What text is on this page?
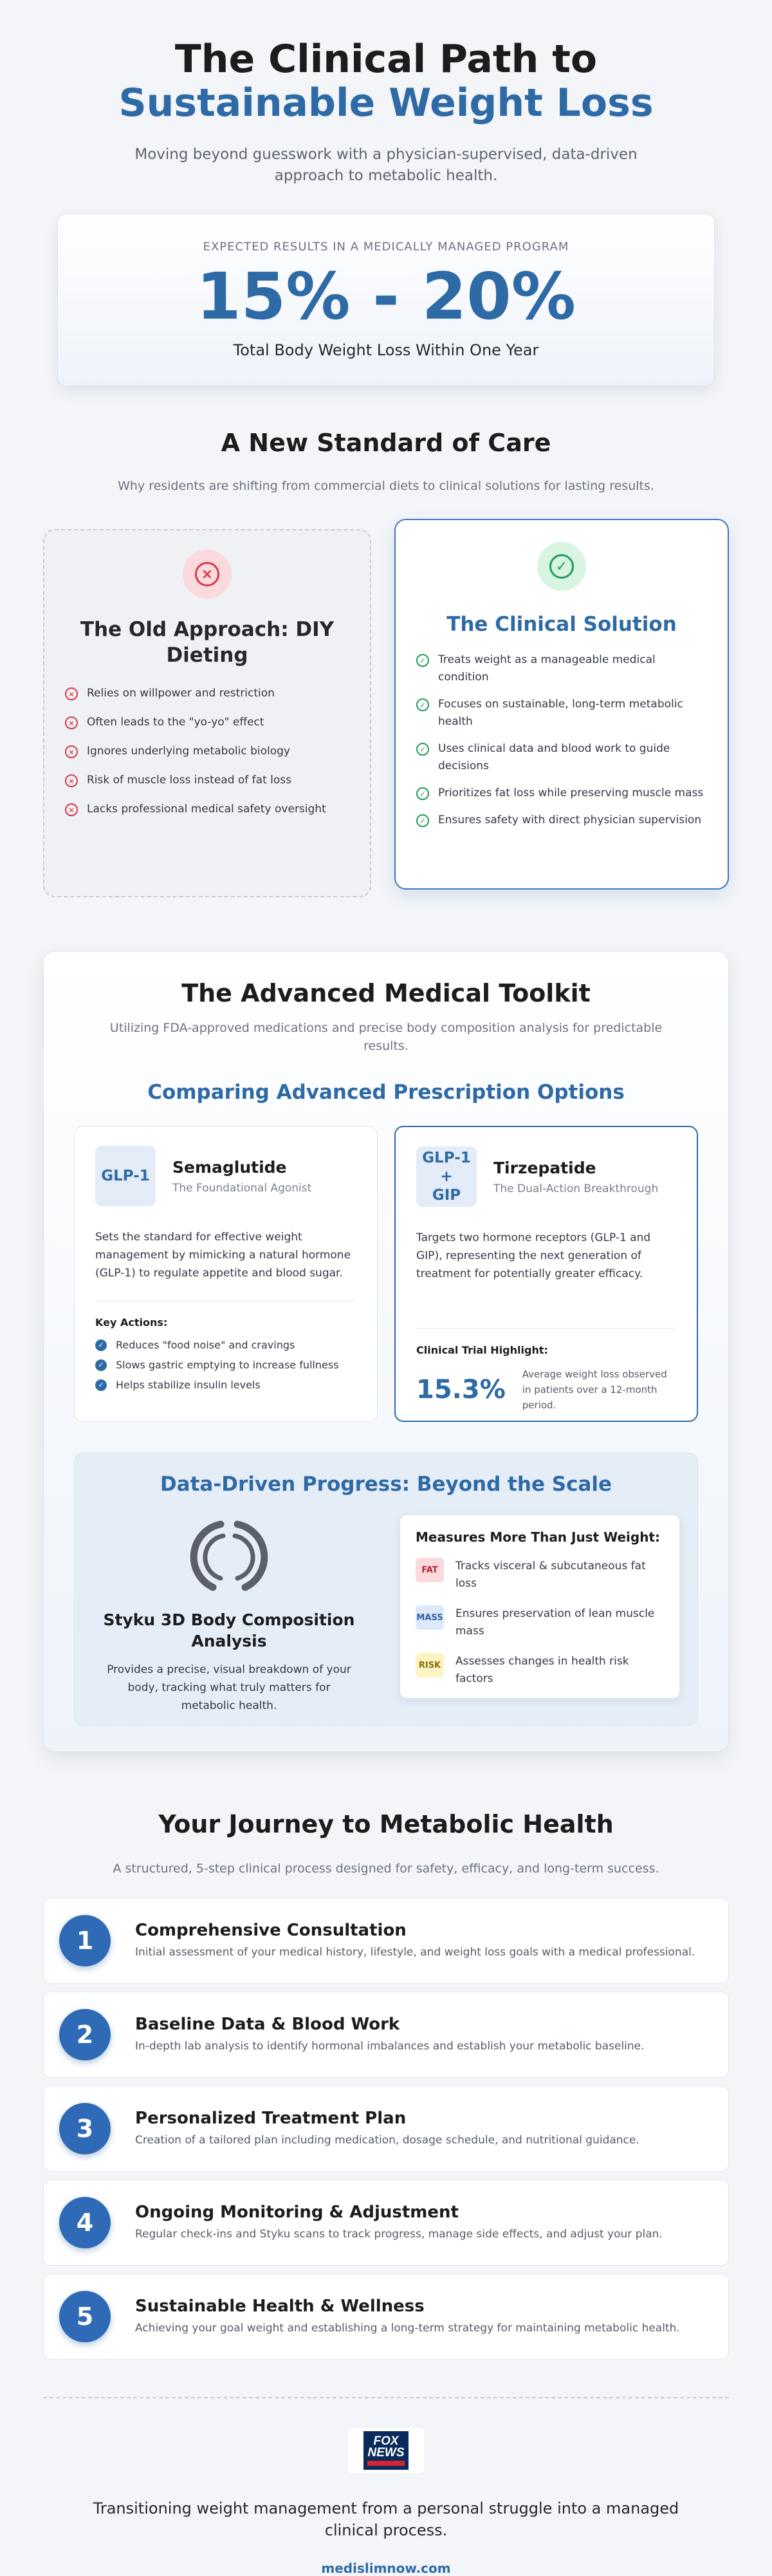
The Clinical Path to
Sustainable Weight Loss

Moving beyond guesswork with a physician-supervised, data-driven approach to metabolic health.

EXPECTED RESULTS IN A MEDICALLY MANAGED PROGRAM
15% - 20%
Total Body Weight Loss Within One Year
A New Standard of Care

Why residents are shifting from commercial diets to clinical solutions for lasting results.

×
The Old Approach: DIY Dieting
×	Relies on willpower and restriction
×	Often leads to the "yo-yo" effect
×	Ignores underlying metabolic biology
×	Risk of muscle loss instead of fat loss
×	Lacks professional medical safety oversight
✓
The Clinical Solution
✓	Treats weight as a manageable medical condition
✓	Focuses on sustainable, long-term metabolic health
✓	Uses clinical data and blood work to guide decisions
✓	Prioritizes fat loss while preserving muscle mass
✓	Ensures safety with direct physician supervision
The Advanced Medical Toolkit

Utilizing FDA-approved medications and precise body composition analysis for predictable results.

Comparing Advanced Prescription Options
GLP-1	Semaglutide
The Foundational Agonist

Sets the standard for effective weight management by mimicking a natural hormone (GLP-1) to regulate appetite and blood sugar.

Key Actions:
✓ Reduces "food noise" and cravings
✓ Slows gastric emptying to increase fullness
✓ Helps stabilize insulin levels
GLP-1
+
GIP
Tirzepatide
The Dual-Action Breakthrough

Targets two hormone receptors (GLP-1 and GIP), representing the next generation of treatment for potentially greater efficacy.

Clinical Trial Highlight:
15.3%
Average weight loss observed in patients over a 12-month period.
Data-Driven Progress: Beyond the Scale
Styku 3D Body Composition Analysis

Provides a precise, visual breakdown of your body, tracking what truly matters for metabolic health.

Measures More Than Just Weight:
FAT	Tracks visceral & subcutaneous fat loss
MASS Ensures preservation of lean muscle mass
RISK Assesses changes in health risk factors
Your Journey to Metabolic Health

A structured, 5-step clinical process designed for safety, efficacy, and long-term success.

1	Comprehensive Consultation
Initial assessment of your medical history, lifestyle, and weight loss goals with a medical professional.
2	Baseline Data & Blood Work
In-depth lab analysis to identify hormonal imbalances and establish your metabolic baseline.
3	Personalized Treatment Plan
Creation of a tailored plan including medication, dosage schedule, and nutritional guidance.
4	Ongoing Monitoring & Adjustment
Regular check-ins and Styku scans to track progress, manage side effects, and adjust your plan.
5	Sustainable Health & Wellness
Achieving your goal weight and establishing a long-term strategy for maintaining metabolic health.
FOX
NEWS

Transitioning weight management from a personal struggle into a managed clinical process.

medislimnow.com
